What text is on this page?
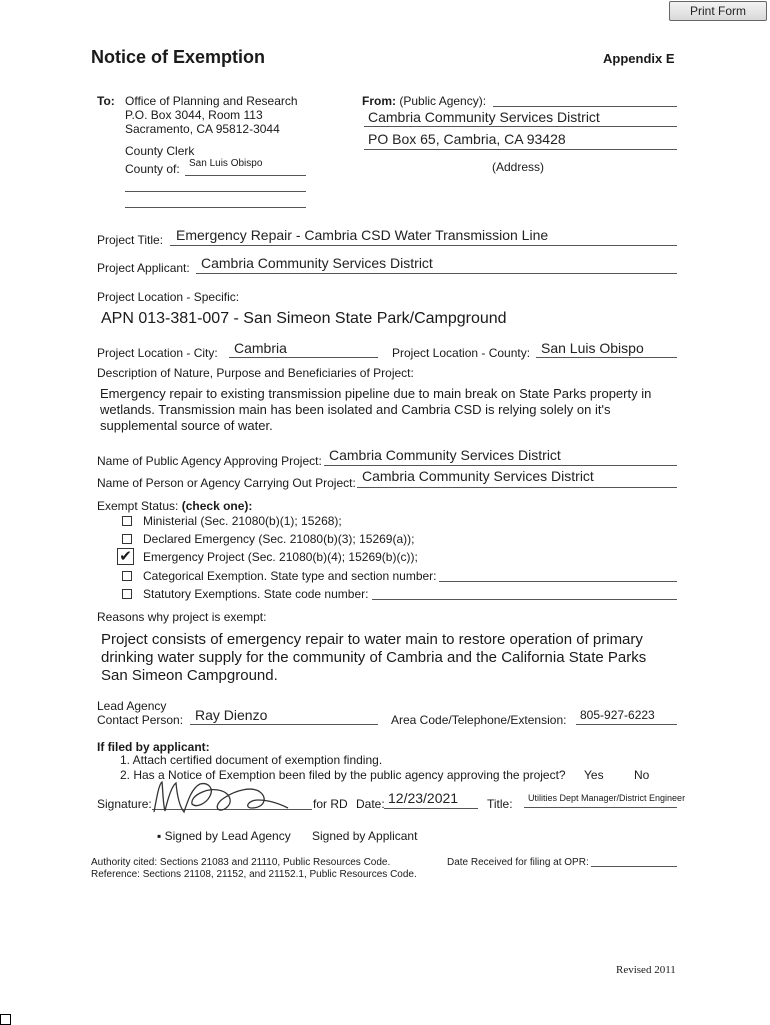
Print Form
Notice of Exemption	Appendix E
To: Office of Planning and Research
P.O. Box 3044, Room 113
Sacramento, CA 95812-3044
County Clerk
County of: San Luis Obispo
From: (Public Agency):
Cambria Community Services District
PO Box 65, Cambria, CA 93428
(Address)
Project Title: Emergency Repair - Cambria CSD Water Transmission Line
Project Applicant: Cambria Community Services District
Project Location - Specific:
APN 013-381-007 - San Simeon State Park/Campground
Project Location - City: Cambria	Project Location - County: San Luis Obispo
Description of Nature, Purpose and Beneficiaries of Project:
Emergency repair to existing transmission pipeline due to main break on State Parks property in
wetlands. Transmission main has been isolated and Cambria CSD is relying solely on it's
supplemental source of water.
Name of Public Agency Approving Project: Cambria Community Services District
Name of Person or Agency Carrying Out Project: Cambria Community Services District
Exempt Status: (check one):
Ministerial (Sec. 21080(b)(1); 15268);
Declared Emergency (Sec. 21080(b)(3); 15269(a));
✔ Emergency Project (Sec. 21080(b)(4); 15269(b)(c));
Categorical Exemption. State type and section number:
Statutory Exemptions. State code number:
Reasons why project is exempt:
Project consists of emergency repair to water main to restore operation of primary
drinking water supply for the community of Cambria and the California State Parks
San Simeon Campground.
Lead Agency
Contact Person: Ray Dienzo	Area Code/Telephone/Extension: 805-927-6223
If filed by applicant:
1. Attach certified document of exemption finding.
2. Has a Notice of Exemption been filed by the public agency approving the project? Yes	No
Signature:	for RD Date: 12/23/2021 Title: Utilities Dept Manager/District Engineer
▪ Signed by Lead Agency Signed by Applicant
Authority cited: Sections 21083 and 21110, Public Resources Code.
Reference: Sections 21108, 21152, and 21152.1, Public Resources Code.
Date Received for filing at OPR:
Revised 2011
